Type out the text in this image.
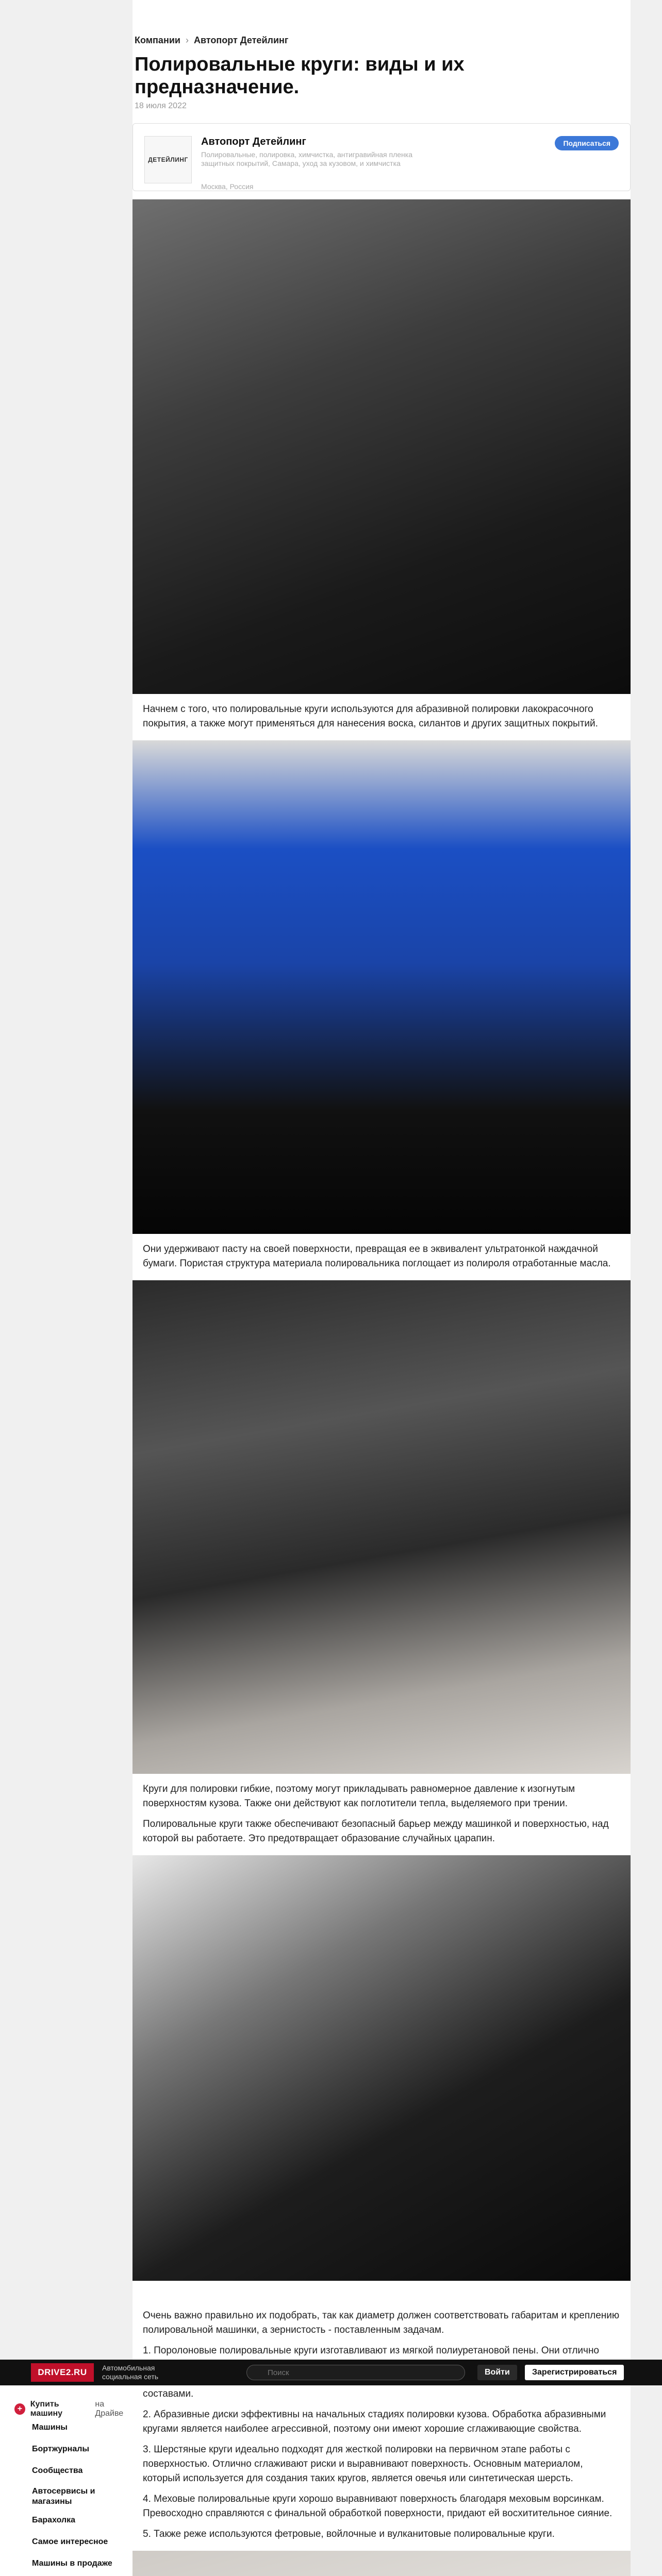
Компании › Автопорт Детейлинг
Полировальные круги: виды и их предназначение.
18 июля 2022
ДЕТЕЙЛИНГ
Автопорт Детейлинг
Полировальные, полировка, химчистка, антигравийная пленка защитных покрытий, Самара, уход за кузовом, и химчистка
Москва, Россия
Подписаться

Начнем с того, что полировальные круги используются для абразивной полировки лакокрасочного покрытия, а также могут применяться для нанесения воска, силантов и других защитных покрытий.

Они удерживают пасту на своей поверхности, превращая ее в эквивалент ультратонкой наждачной бумаги. Пористая структура материала полировальника поглощает из полироля отработанные масла.

Круги для полировки гибкие, поэтому могут прикладывать равномерное давление к изогнутым поверхностям кузова. Также они действуют как поглотители тепла, выделяемого при трении.

Полировальные круги также обеспечивают безопасный барьер между машинкой и поверхностью, над которой вы работаете. Это предотвращает образование случайных царапин.

Очень важно правильно их подобрать, так как диаметр должен соответствовать габаритам и креплению полировальной машинки, а зернистость - поставленным задачам.

1. Поролоновые полировальные круги изготавливают из мягкой полиуретановой пены. Они отлично составами.

2. Абразивные диски эффективны на начальных стадиях полировки кузова. Обработка абразивными кругами является наиболее агрессивной, поэтому они имеют хорошие сглаживающие свойства.

3. Шерстяные круги идеально подходят для жесткой полировки на первичном этапе работы с поверхностью. Отлично сглаживают риски и выравнивают поверхность. Основным материалом, который используется для создания таких кругов, является овечья или синтетическая шерсть.

4. Меховые полировальные круги хорошо выравнивают поверхность благодаря меховым ворсинкам. Превосходно справляются с финальной обработкой поверхности, придают ей восхитительное сияние.

5. Также реже используются фетровые, войлочные и вулканитовые полировальные круги.

DRIVE2.RU	Автомобильная социальная сеть
Поиск	Войти	Зарегистрироваться
+
Купить машину
на Драйве
Машины
Бортжурналы
Сообщества
Автосервисы и магазины
Барахолка
Самое интересное
Машины в продаже
